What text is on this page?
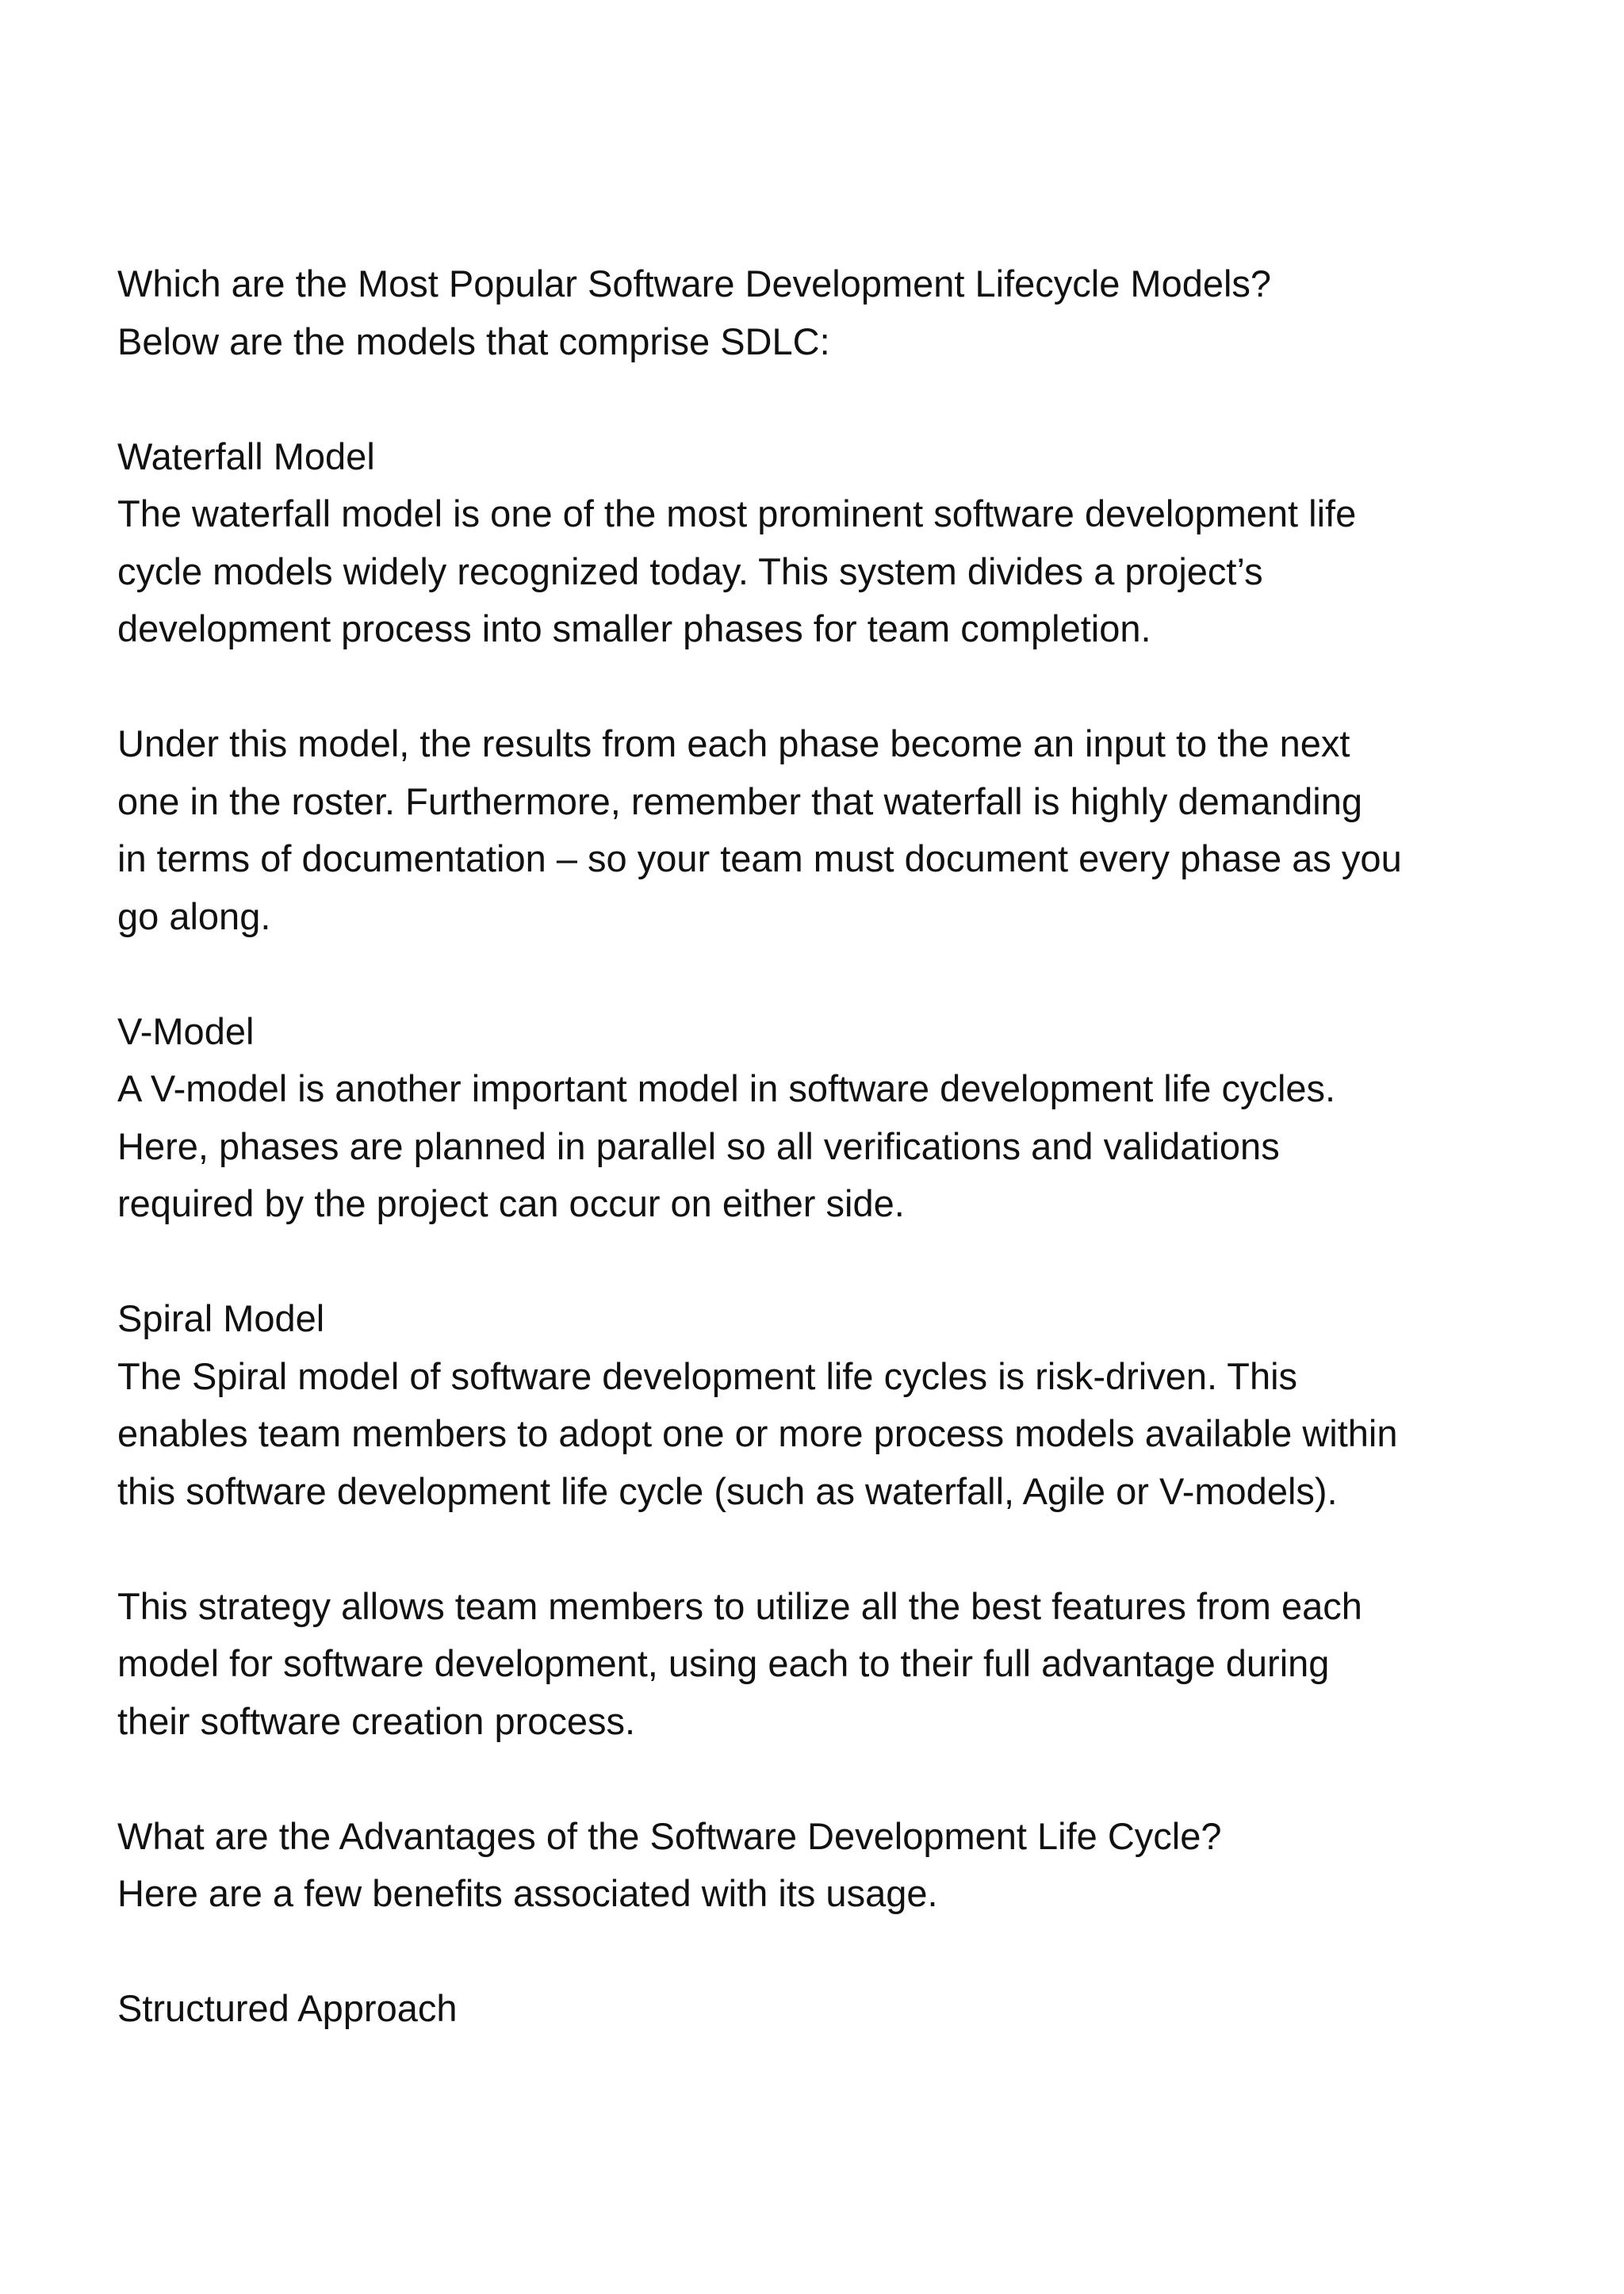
Which are the Most Popular Software Development Lifecycle Models?
Below are the models that comprise SDLC:
Waterfall Model
The waterfall model is one of the most prominent software development life
cycle models widely recognized today. This system divides a project’s
development process into smaller phases for team completion.
Under this model, the results from each phase become an input to the next
one in the roster. Furthermore, remember that waterfall is highly demanding
in terms of documentation – so your team must document every phase as you
go along.
V-Model
A V-model is another important model in software development life cycles.
Here, phases are planned in parallel so all verifications and validations
required by the project can occur on either side.
Spiral Model
The Spiral model of software development life cycles is risk-driven. This
enables team members to adopt one or more process models available within
this software development life cycle (such as waterfall, Agile or V-models).
This strategy allows team members to utilize all the best features from each
model for software development, using each to their full advantage during
their software creation process.
What are the Advantages of the Software Development Life Cycle?
Here are a few benefits associated with its usage.
Structured Approach
